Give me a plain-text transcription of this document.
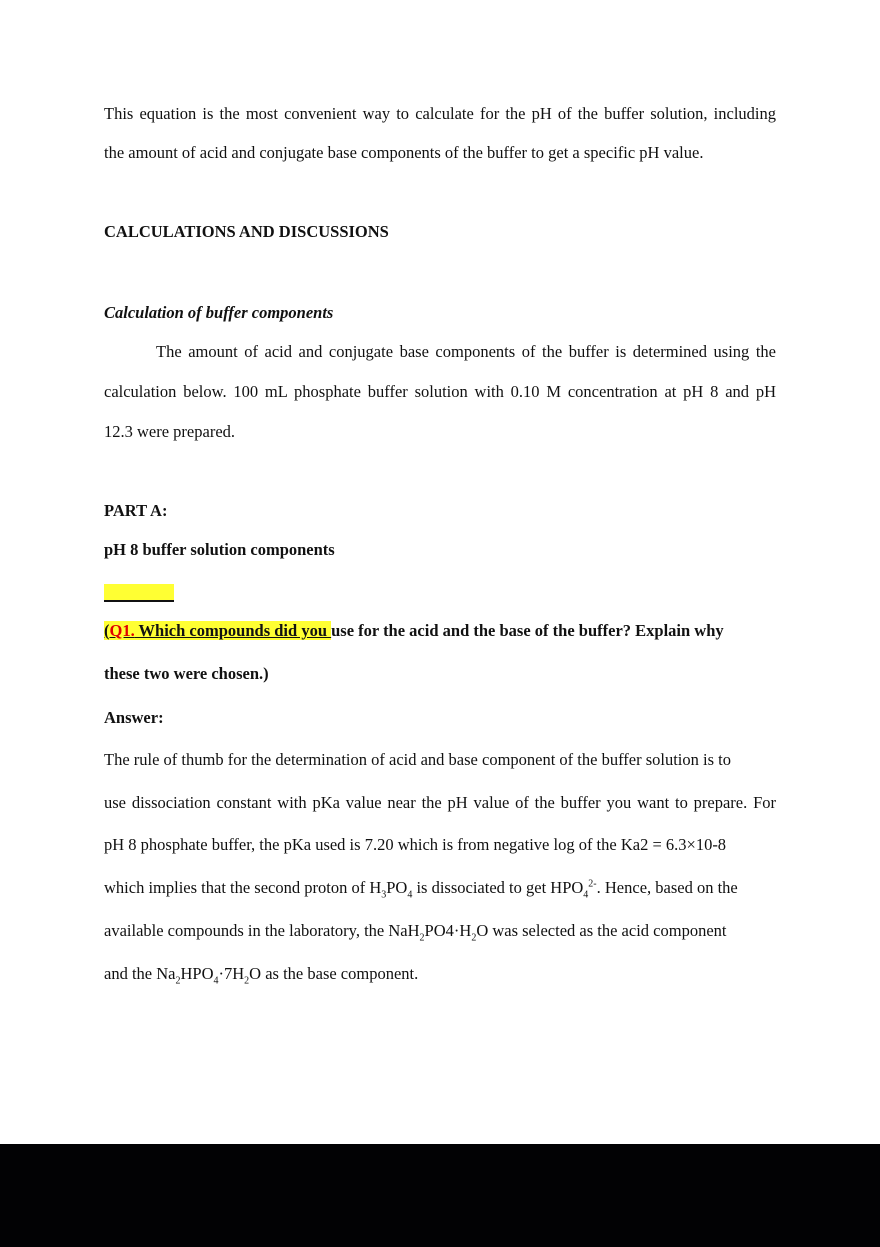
This equation is the most convenient way to calculate for the pH of the buffer solution, including
the amount of acid and conjugate base components of the buffer to get a specific pH value.
CALCULATIONS AND DISCUSSIONS
Calculation of buffer components
The amount of acid and conjugate base components of the buffer is determined using the
calculation below. 100 mL phosphate buffer solution with 0.10 M concentration at pH 8 and pH
12.3 were prepared.
PART A:
pH 8 buffer solution components
(Q1. Which compounds did you use for the acid and the base of the buffer? Explain why
these two were chosen.)
Answer:
The rule of thumb for the determination of acid and base component of the buffer solution is to
use dissociation constant with pKa value near the pH value of the buffer you want to prepare. For
pH 8 phosphate buffer, the pKa used is 7.20 which is from negative log of the Ka2 = 6.3×10-8
which implies that the second proton of $H_3PO_4$ is dissociated to get $HPO_4^{2-}$. Hence, based on the
available compounds in the laboratory, the $NaH_2PO4\cdot H_2O$ was selected as the acid component
and the $Na_2HPO_4\cdot 7H_2O$ as the base component.
